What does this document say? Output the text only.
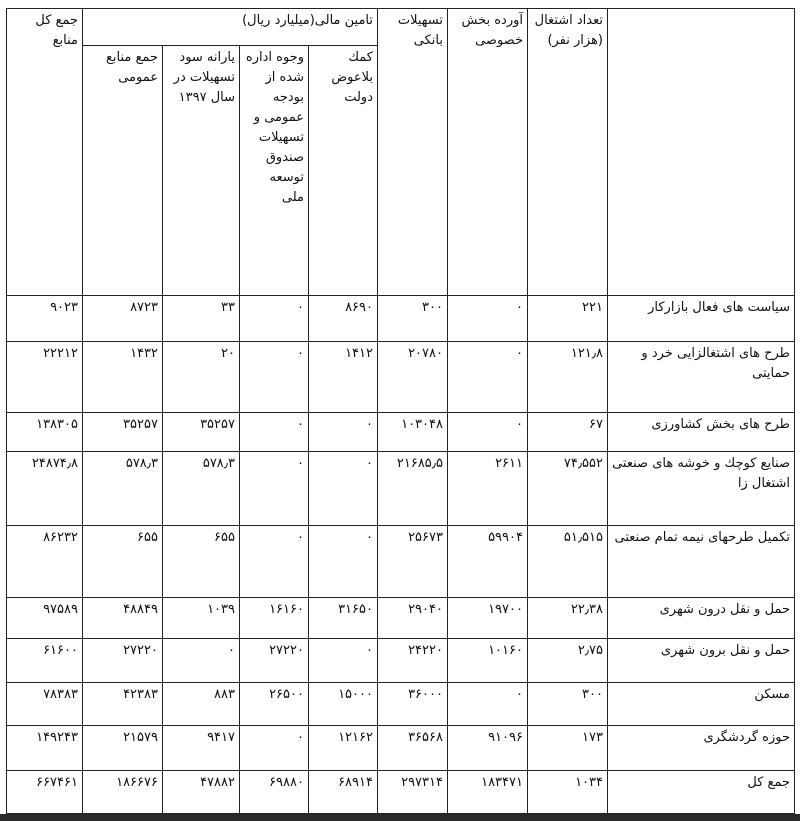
	تعداد اشتغال (هزار نفر)	آورده بخش خصوصی	تسهیلات بانکی	تامین مالی(میلیارد ریال)				جمع کل منابع
				کمك بلاعوض دولت	وجوه اداره شده از بودجه عمومی و تسهیلات صندوق توسعه ملی	یارانه سود تسهیلات در سال ۱۳۹۷	جمع منابع عمومی	
سیاست های فعال بازارکار	۲۲۱	۰	۳۰۰	۸۶۹۰	۰	۳۳	۸۷۲۳	۹۰۲۳
طرح های اشتغالزایی خرد و حمایتی	۱۲۱٫۸	۰	۲۰۷۸۰	۱۴۱۲	۰	۲۰	۱۴۳۲	۲۲۲۱۲
طرح های بخش کشاورزی	۶۷	۰	۱۰۳۰۴۸	۰	۰	۳۵۲۵۷	۳۵۲۵۷	۱۳۸۳۰۵
صنایع کوچك و خوشه های صنعتی اشتغال زا	۷۴٫۵۵۲	۲۶۱۱	۲۱۶۸۵٫۵	۰	۰	۵۷۸٫۳	۵۷۸٫۳	۲۴۸۷۴٫۸
تکمیل طرحهای نیمه تمام صنعتی	۵۱٫۵۱۵	۵۹۹۰۴	۲۵۶۷۳	۰	۰	۶۵۵	۶۵۵	۸۶۲۳۲
حمل و نقل درون شهری	۲۲٫۳۸	۱۹۷۰۰	۲۹۰۴۰	۳۱۶۵۰	۱۶۱۶۰	۱۰۳۹	۴۸۸۴۹	۹۷۵۸۹
حمل و نقل برون شهری	۲٫۷۵	۱۰۱۶۰	۲۴۲۲۰	۰	۲۷۲۲۰	۰	۲۷۲۲۰	۶۱۶۰۰
مسکن	۳۰۰	۰	۳۶۰۰۰	۱۵۰۰۰	۲۶۵۰۰	۸۸۳	۴۲۳۸۳	۷۸۳۸۳
حوزه گردشگری	۱۷۳	۹۱۰۹۶	۳۶۵۶۸	۱۲۱۶۲	۰	۹۴۱۷	۲۱۵۷۹	۱۴۹۲۴۳
جمع کل	۱۰۳۴	۱۸۳۴۷۱	۲۹۷۳۱۴	۶۸۹۱۴	۶۹۸۸۰	۴۷۸۸۲	۱۸۶۶۷۶	۶۶۷۴۶۱
